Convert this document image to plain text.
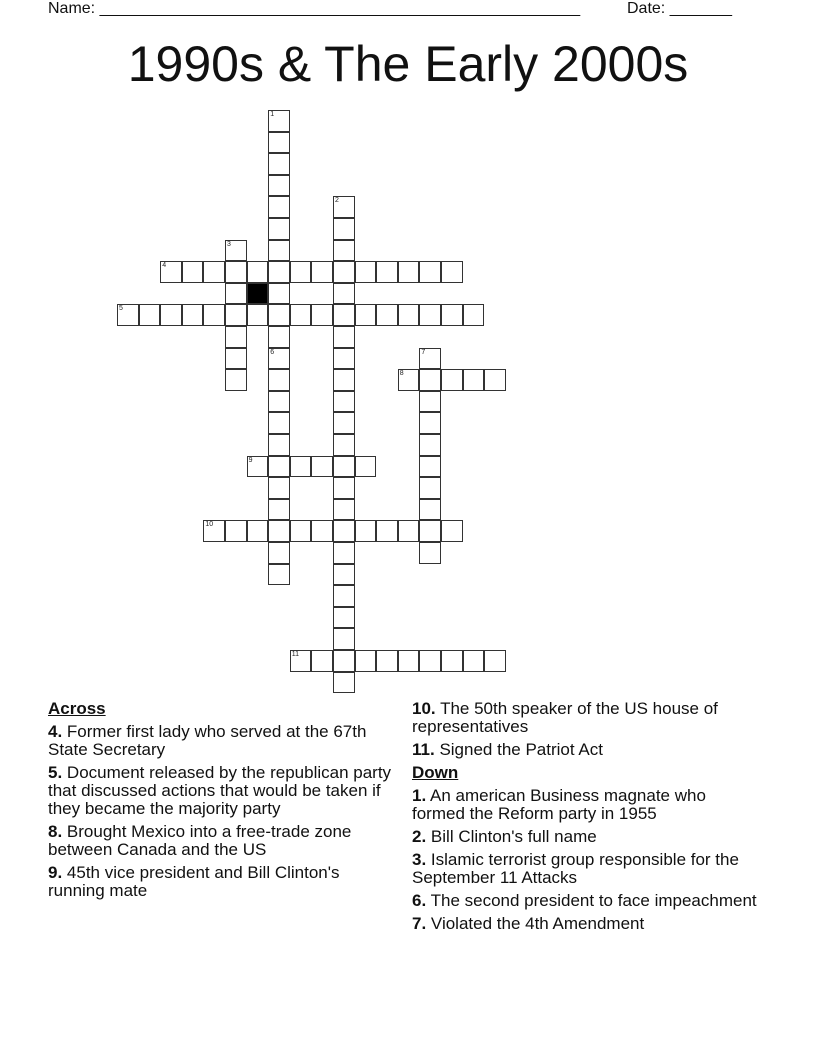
Name: ______________________________________________________	Date: _______
1990s & The Early 2000s
1
6
2
3
4
5
7
8
9
10
11
Across
4. Former first lady who served at the 67th State Secretary
5. Document released by the republican party that discussed actions that would be taken if they became the majority party
8. Brought Mexico into a free-trade zone between Canada and the US
9. 45th vice president and Bill Clinton's running mate
10. The 50th speaker of the US house of representatives
11. Signed the Patriot Act
Down
1. An american Business magnate who formed the Reform party in 1955
2. Bill Clinton's full name
3. Islamic terrorist group responsible for the September 11 Attacks
6. The second president to face impeachment
7. Violated the 4th Amendment
